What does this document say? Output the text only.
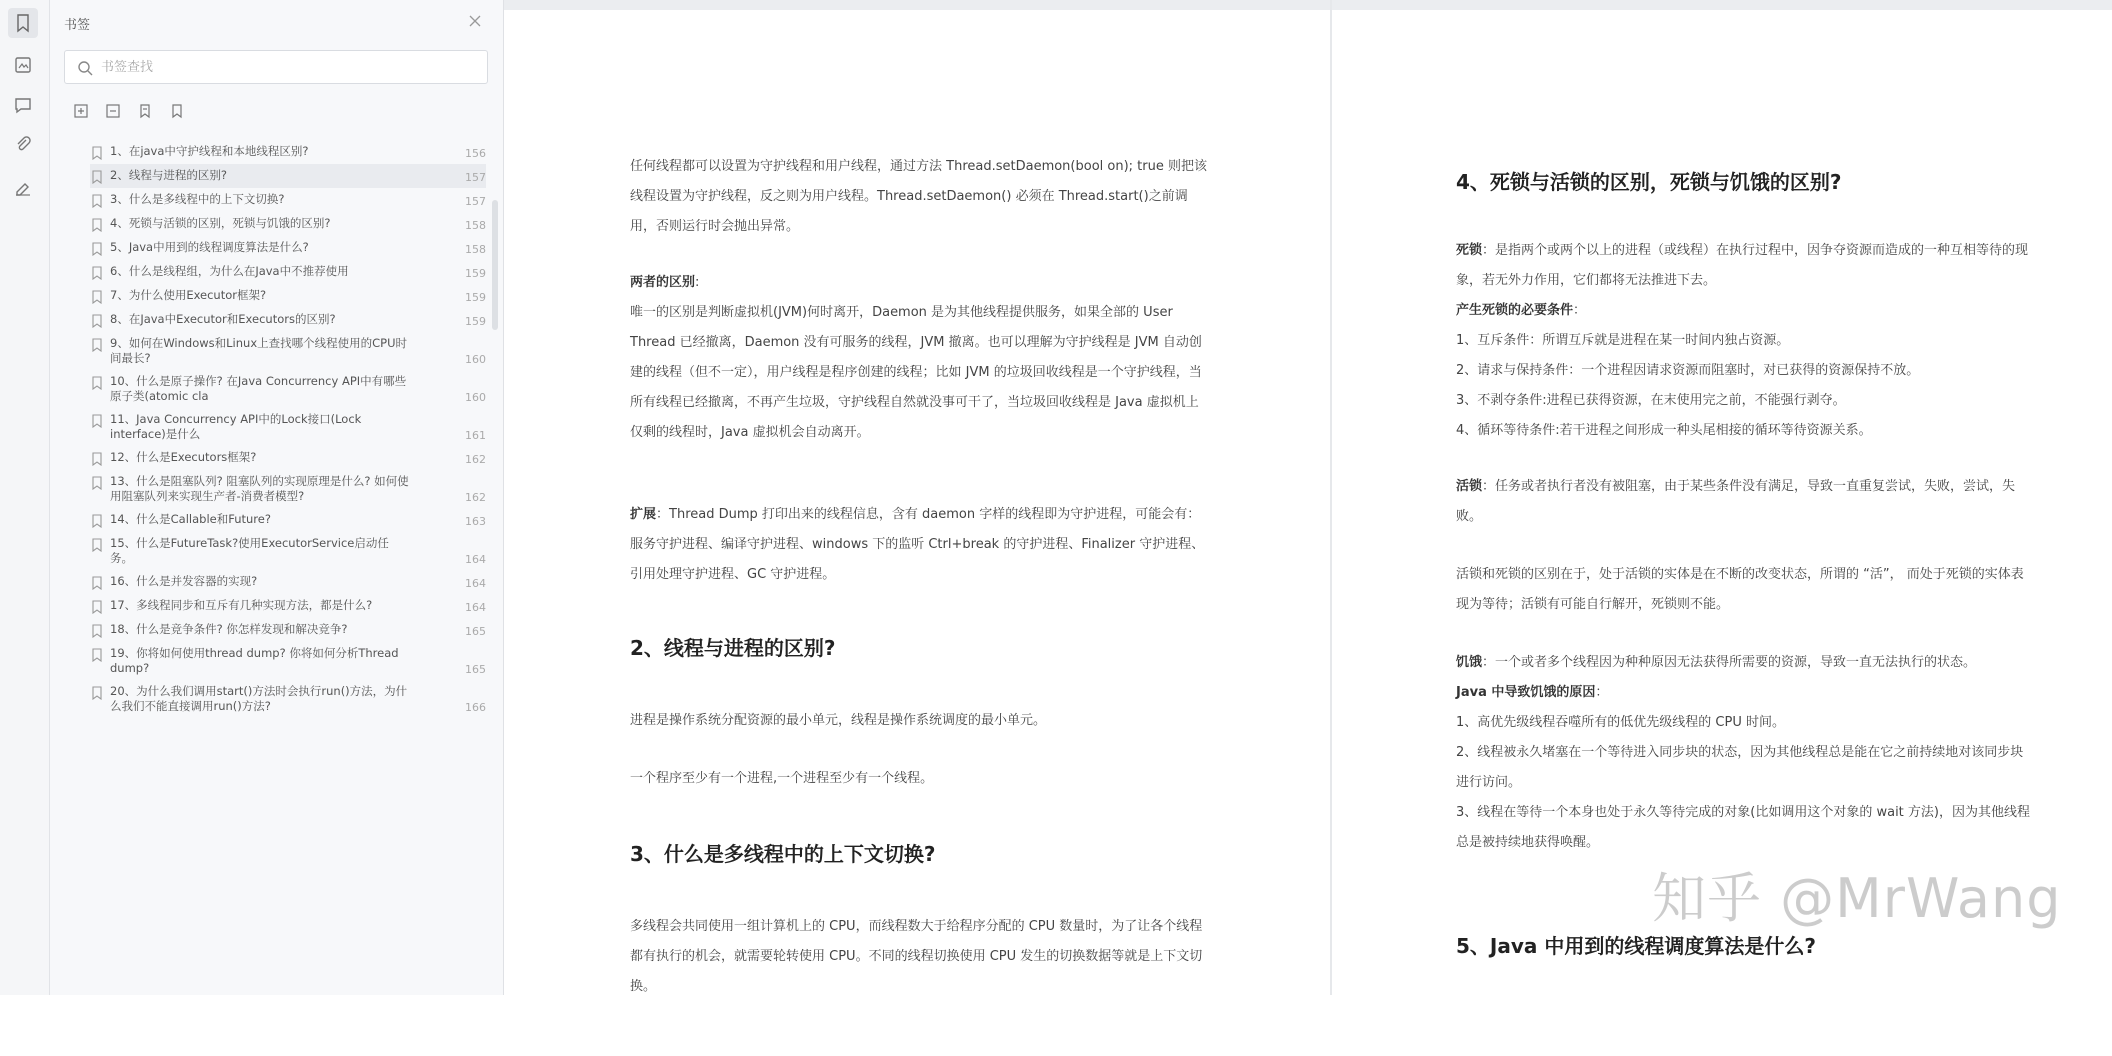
书签
书签查找
1、在java中守护线程和本地线程区别?	156
2、线程与进程的区别?	157
3、什么是多线程中的上下文切换?	157
4、死锁与活锁的区别，死锁与饥饿的区别?	158
5、Java中用到的线程调度算法是什么?	158
6、什么是线程组，为什么在Java中不推荐使用	159
7、为什么使用Executor框架?	159
8、在Java中Executor和Executors的区别?	159
9、如何在Windows和Linux上查找哪个线程使用的CPU时间最长?	160
10、什么是原子操作? 在Java Concurrency API中有哪些原子类(atomic cla	160
11、Java Concurrency API中的Lock接口(Lock interface)是什么	161
12、什么是Executors框架?	162
13、什么是阻塞队列? 阻塞队列的实现原理是什么? 如何使用阻塞队列来实现生产者-消费者模型?	162
14、什么是Callable和Future?	163
15、什么是FutureTask?使用ExecutorService启动任务。	164
16、什么是并发容器的实现?	164
17、多线程同步和互斥有几种实现方法，都是什么?	164
18、什么是竞争条件? 你怎样发现和解决竞争?	165
19、你将如何使用thread dump? 你将如何分析Thread dump?	165
20、为什么我们调用start()方法时会执行run()方法，为什么我们不能直接调用run()方法?	166
任何线程都可以设置为守护线程和用户线程，通过方法 Thread.setDaemon(bool on); true 则把该线程设置为守护线程，反之则为用户线程。Thread.setDaemon() 必须在 Thread.start()之前调用，否则运行时会抛出异常。
两者的区别:
唯一的区别是判断虚拟机(JVM)何时离开，Daemon 是为其他线程提供服务，如果全部的 User Thread 已经撤离，Daemon 没有可服务的线程，JVM 撤离。也可以理解为守护线程是 JVM 自动创建的线程（但不一定），用户线程是程序创建的线程；比如 JVM 的垃圾回收线程是一个守护线程，当所有线程已经撤离，不再产生垃圾，守护线程自然就没事可干了，当垃圾回收线程是 Java 虚拟机上仅剩的线程时，Java 虚拟机会自动离开。
扩展：Thread Dump 打印出来的线程信息，含有 daemon 字样的线程即为守护进程，可能会有：服务守护进程、编译守护进程、windows 下的监听 Ctrl+break 的守护进程、Finalizer 守护进程、引用处理守护进程、GC 守护进程。
2、线程与进程的区别?
进程是操作系统分配资源的最小单元，线程是操作系统调度的最小单元。
一个程序至少有一个进程,一个进程至少有一个线程。
3、什么是多线程中的上下文切换?
多线程会共同使用一组计算机上的 CPU，而线程数大于给程序分配的 CPU 数量时，为了让各个线程都有执行的机会，就需要轮转使用 CPU。不同的线程切换使用 CPU 发生的切换数据等就是上下文切换。
4、死锁与活锁的区别，死锁与饥饿的区别?
死锁：是指两个或两个以上的进程（或线程）在执行过程中，因争夺资源而造成的一种互相等待的现象，若无外力作用，它们都将无法推进下去。
产生死锁的必要条件：
1、互斥条件：所谓互斥就是进程在某一时间内独占资源。
2、请求与保持条件：一个进程因请求资源而阻塞时，对已获得的资源保持不放。
3、不剥夺条件:进程已获得资源，在末使用完之前，不能强行剥夺。
4、循环等待条件:若干进程之间形成一种头尾相接的循环等待资源关系。
活锁：任务或者执行者没有被阻塞，由于某些条件没有满足，导致一直重复尝试，失败，尝试，失败。
活锁和死锁的区别在于，处于活锁的实体是在不断的改变状态，所谓的 “活”， 而处于死锁的实体表现为等待；活锁有可能自行解开，死锁则不能。
饥饿：一个或者多个线程因为种种原因无法获得所需要的资源，导致一直无法执行的状态。
Java 中导致饥饿的原因：
1、高优先级线程吞噬所有的低优先级线程的 CPU 时间。
2、线程被永久堵塞在一个等待进入同步块的状态，因为其他线程总是能在它之前持续地对该同步块进行访问。
3、线程在等待一个本身也处于永久等待完成的对象(比如调用这个对象的 wait 方法)，因为其他线程总是被持续地获得唤醒。
5、Java 中用到的线程调度算法是什么?
知乎 @MrWang
